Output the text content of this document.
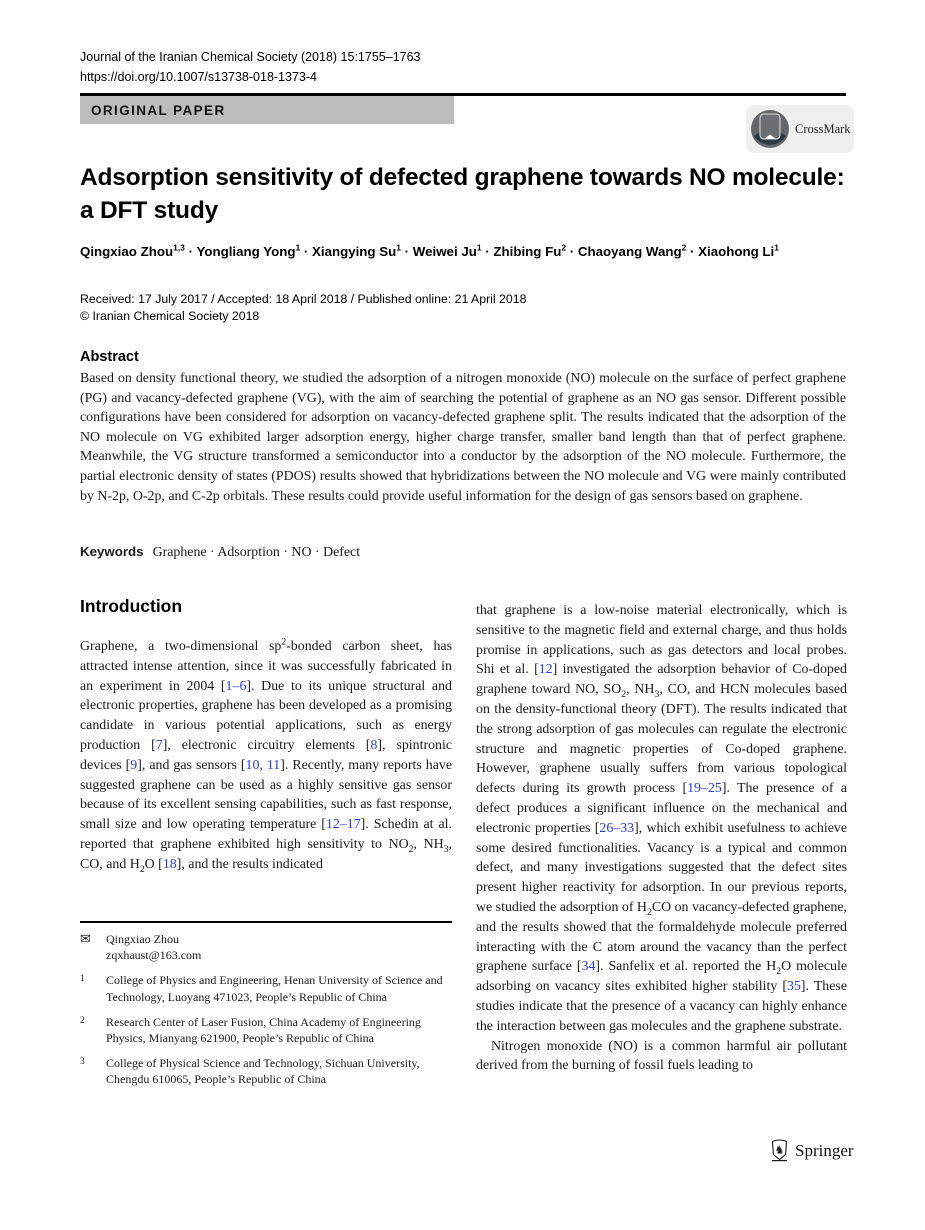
Journal of the Iranian Chemical Society (2018) 15:1755–1763
https://doi.org/10.1007/s13738-018-1373-4
ORIGINAL PAPER
CrossMark
Adsorption sensitivity of defected graphene towards NO molecule:
a DFT study
Qingxiao Zhou$^{1,3}$ · Yongliang Yong$^1$ · Xiangying $Su^1$ · Weiwei $Ju^1$ · Zhibing $Fu^2$ · Chaoyang Wang$^2$ · Xiaohong Li$^1$
Received: 17 July 2017 / Accepted: 18 April 2018 / Published online: 21 April 2018
© Iranian Chemical Society 2018
Abstract
Based on density functional theory, we studied the adsorption of a nitrogen monoxide (NO) molecule on the surface of perfect graphene (PG) and vacancy-defected graphene (VG), with the aim of searching the potential of graphene as an NO gas sensor. Different possible configurations have been considered for adsorption on vacancy-defected graphene split. The results indicated that the adsorption of the NO molecule on VG exhibited larger adsorption energy, higher charge transfer, smaller band length than that of perfect graphene. Meanwhile, the VG structure transformed a semiconductor into a conductor by the adsorption of the NO molecule. Furthermore, the partial electronic density of states (PDOS) results showed that hybridizations between the NO molecule and VG were mainly contributed by N-2p, O-2p, and C-2p orbitals. These results could provide useful information for the design of gas sensors based on graphene.
Keywords Graphene · Adsorption · NO · Defect
Introduction

Graphene, a two-dimensional $sp^2$-bonded carbon sheet, has attracted intense attention, since it was successfully fabricated in an experiment in 2004 [1–6]. Due to its unique structural and electronic properties, graphene has been developed as a promising candidate in various potential applications, such as energy production [7], electronic circuitry elements [8], spintronic devices [9], and gas sensors [10, 11]. Recently, many reports have suggested graphene can be used as a highly sensitive gas sensor because of its excellent sensing capabilities, such as fast response, small size and low operating temperature [12–17]. Schedin at al. reported that graphene exhibited high sensitivity to $NO_2$, $NH_3$, CO, and $H_2O$ [18], and the results indicated

that graphene is a low-noise material electronically, which is sensitive to the magnetic field and external charge, and thus holds promise in applications, such as gas detectors and local probes. Shi et al. [12] investigated the adsorption behavior of Co-doped graphene toward NO, $SO_2$, $NH_3$, CO, and HCN molecules based on the density-functional theory (DFT). The results indicated that the strong adsorption of gas molecules can regulate the electronic structure and magnetic properties of Co-doped graphene. However, graphene usually suffers from various topological defects during its growth process [19–25]. The presence of a defect produces a significant influence on the mechanical and electronic properties [26–33], which exhibit usefulness to achieve some desired functionalities. Vacancy is a typical and common defect, and many investigations suggested that the defect sites present higher reactivity for adsorption. In our previous reports, we studied the adsorption of $H_2CO$ on vacancy-defected graphene, and the results showed that the formaldehyde molecule preferred interacting with the C atom around the vacancy than the perfect graphene surface [34]. Sanfelix et al. reported the $H_2O$ molecule adsorbing on vacancy sites exhibited higher stability [35]. These studies indicate that the presence of a vacancy can highly enhance the interaction between gas molecules and the graphene substrate.

Nitrogen monoxide (NO) is a common harmful air pollutant derived from the burning of fossil fuels leading to

✉	Qingxiao Zhou
zqxhaust@163.com
$^1$	College of Physics and Engineering, Henan University of Science and Technology, Luoyang 471023, People’s Republic of China
$^2$	Research Center of Laser Fusion, China Academy of Engineering Physics, Mianyang 621900, People’s Republic of China
$^3$	College of Physical Science and Technology, Sichuan University, Chengdu 610065, People’s Republic of China
♞ Springer
